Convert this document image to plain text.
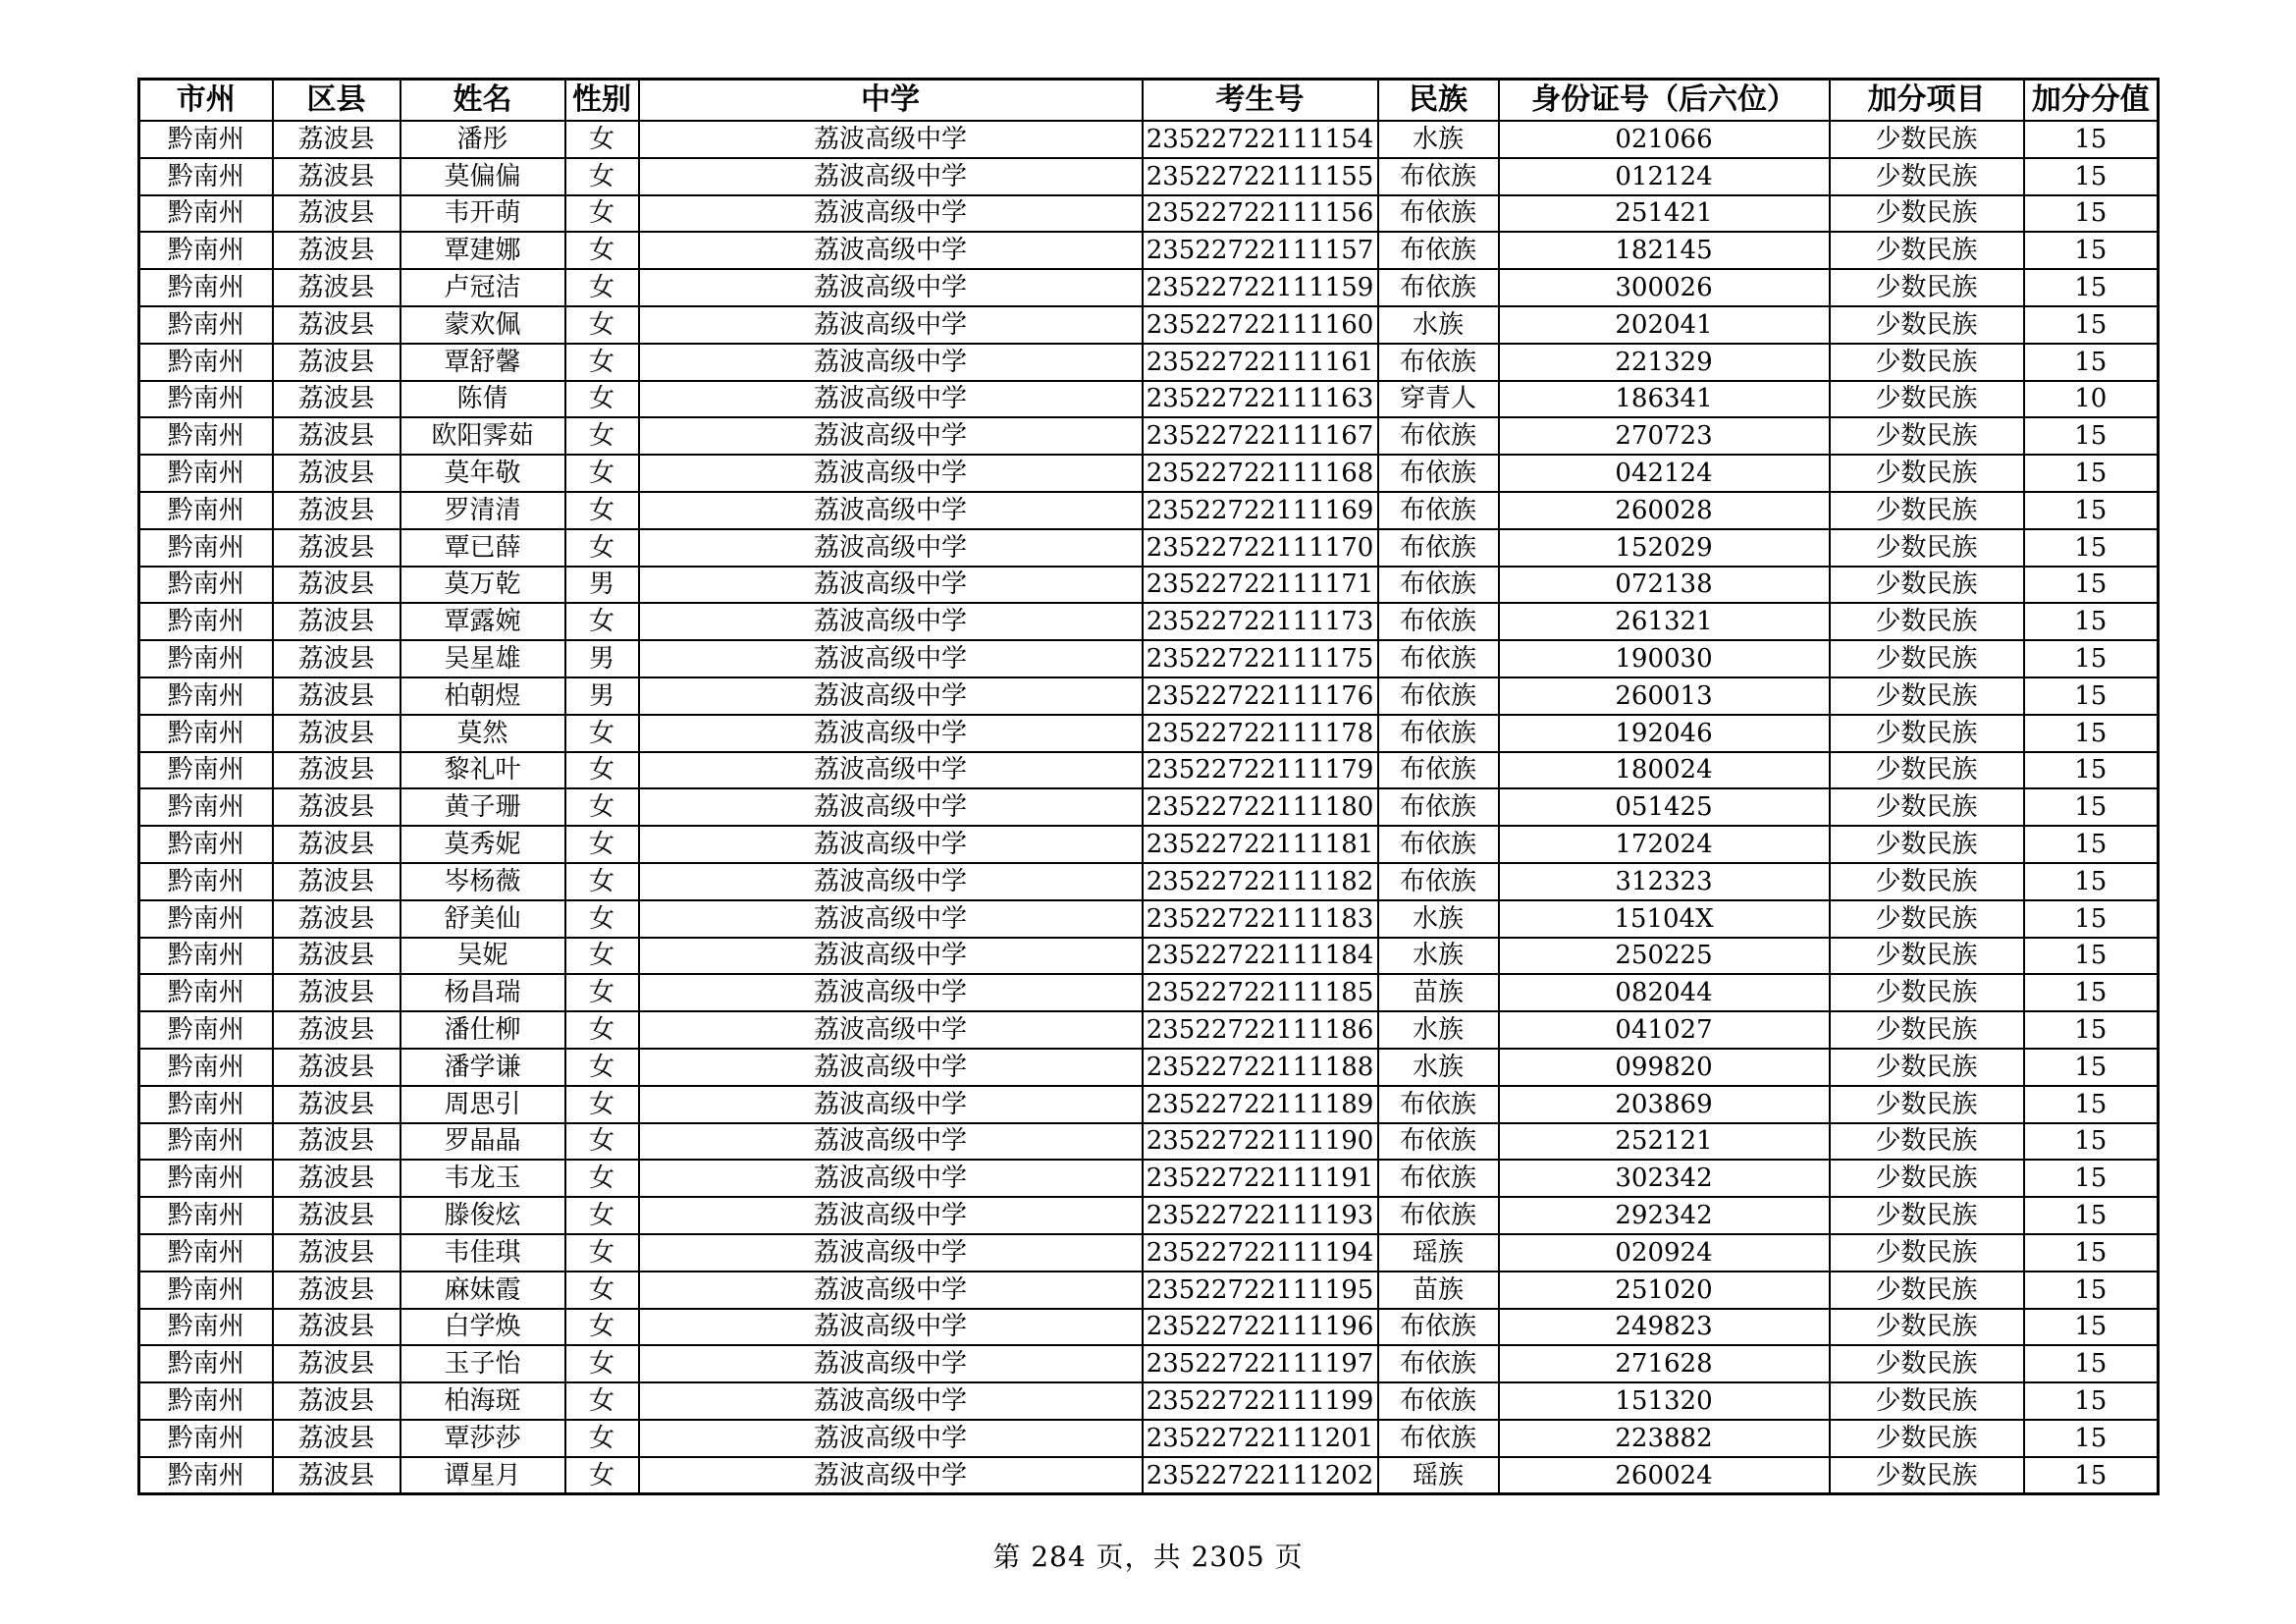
市州	区县	姓名	性别	中学	考生号	民族	身份证号（后六位）	加分项目	加分分值
黔南州	荔波县	潘彤	女	荔波高级中学	23522722111154	水族	021066	少数民族	15
黔南州	荔波县	莫偏偏	女	荔波高级中学	23522722111155	布依族	012124	少数民族	15
黔南州	荔波县	韦开萌	女	荔波高级中学	23522722111156	布依族	251421	少数民族	15
黔南州	荔波县	覃建娜	女	荔波高级中学	23522722111157	布依族	182145	少数民族	15
黔南州	荔波县	卢冠洁	女	荔波高级中学	23522722111159	布依族	300026	少数民族	15
黔南州	荔波县	蒙欢佩	女	荔波高级中学	23522722111160	水族	202041	少数民族	15
黔南州	荔波县	覃舒馨	女	荔波高级中学	23522722111161	布依族	221329	少数民族	15
黔南州	荔波县	陈倩	女	荔波高级中学	23522722111163	穿青人	186341	少数民族	10
黔南州	荔波县	欧阳霁茹	女	荔波高级中学	23522722111167	布依族	270723	少数民族	15
黔南州	荔波县	莫年敬	女	荔波高级中学	23522722111168	布依族	042124	少数民族	15
黔南州	荔波县	罗清清	女	荔波高级中学	23522722111169	布依族	260028	少数民族	15
黔南州	荔波县	覃已薛	女	荔波高级中学	23522722111170	布依族	152029	少数民族	15
黔南州	荔波县	莫万乾	男	荔波高级中学	23522722111171	布依族	072138	少数民族	15
黔南州	荔波县	覃露婉	女	荔波高级中学	23522722111173	布依族	261321	少数民族	15
黔南州	荔波县	吴星雄	男	荔波高级中学	23522722111175	布依族	190030	少数民族	15
黔南州	荔波县	柏朝煜	男	荔波高级中学	23522722111176	布依族	260013	少数民族	15
黔南州	荔波县	莫然	女	荔波高级中学	23522722111178	布依族	192046	少数民族	15
黔南州	荔波县	黎礼叶	女	荔波高级中学	23522722111179	布依族	180024	少数民族	15
黔南州	荔波县	黄子珊	女	荔波高级中学	23522722111180	布依族	051425	少数民族	15
黔南州	荔波县	莫秀妮	女	荔波高级中学	23522722111181	布依族	172024	少数民族	15
黔南州	荔波县	岑杨薇	女	荔波高级中学	23522722111182	布依族	312323	少数民族	15
黔南州	荔波县	舒美仙	女	荔波高级中学	23522722111183	水族	15104X	少数民族	15
黔南州	荔波县	吴妮	女	荔波高级中学	23522722111184	水族	250225	少数民族	15
黔南州	荔波县	杨昌瑞	女	荔波高级中学	23522722111185	苗族	082044	少数民族	15
黔南州	荔波县	潘仕柳	女	荔波高级中学	23522722111186	水族	041027	少数民族	15
黔南州	荔波县	潘学谦	女	荔波高级中学	23522722111188	水族	099820	少数民族	15
黔南州	荔波县	周思引	女	荔波高级中学	23522722111189	布依族	203869	少数民族	15
黔南州	荔波县	罗晶晶	女	荔波高级中学	23522722111190	布依族	252121	少数民族	15
黔南州	荔波县	韦龙玉	女	荔波高级中学	23522722111191	布依族	302342	少数民族	15
黔南州	荔波县	滕俊炫	女	荔波高级中学	23522722111193	布依族	292342	少数民族	15
黔南州	荔波县	韦佳琪	女	荔波高级中学	23522722111194	瑶族	020924	少数民族	15
黔南州	荔波县	麻妹霞	女	荔波高级中学	23522722111195	苗族	251020	少数民族	15
黔南州	荔波县	白学焕	女	荔波高级中学	23522722111196	布依族	249823	少数民族	15
黔南州	荔波县	玉子怡	女	荔波高级中学	23522722111197	布依族	271628	少数民族	15
黔南州	荔波县	柏海斑	女	荔波高级中学	23522722111199	布依族	151320	少数民族	15
黔南州	荔波县	覃莎莎	女	荔波高级中学	23522722111201	布依族	223882	少数民族	15
黔南州	荔波县	谭星月	女	荔波高级中学	23522722111202	瑶族	260024	少数民族	15
第 284 页，共 2305 页
